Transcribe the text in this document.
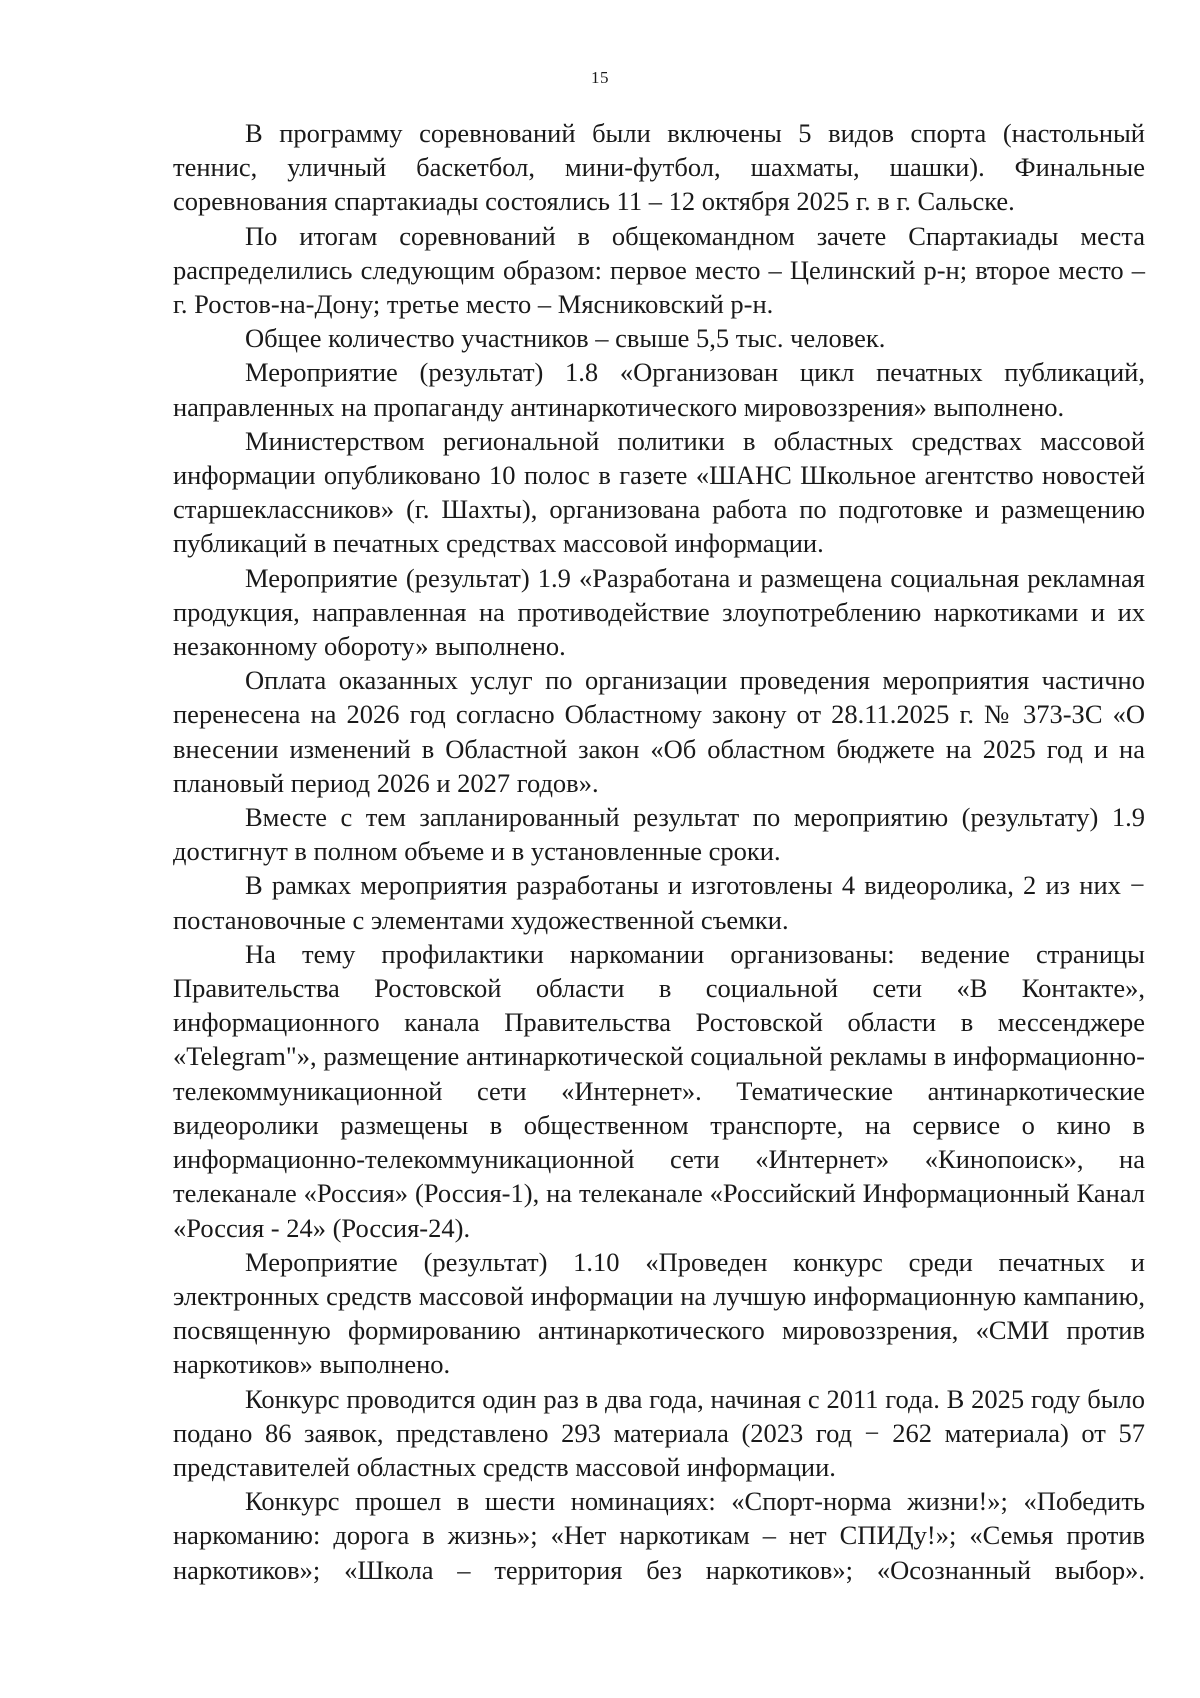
15

В программу соревнований были включены 5 видов спорта (настольный теннис, уличный баскетбол, мини-футбол, шахматы, шашки). Финальные соревнования спартакиады состоялись 11 – 12 октября 2025 г. в г. Сальске.

По итогам соревнований в общекомандном зачете Спартакиады места распределились следующим образом: первое место – Целинский р-н; второе место – г. Ростов-на-Дону; третье место – Мясниковский р-н.

Общее количество участников – свыше 5,5 тыс. человек.

Мероприятие (результат) 1.8 «Организован цикл печатных публикаций, направленных на пропаганду антинаркотического мировоззрения» выполнено.

Министерством региональной политики в областных средствах массовой информации опубликовано 10 полос в газете «ШАНС Школьное агентство новостей старшеклассников» (г. Шахты), организована работа по подготовке и размещению публикаций в печатных средствах массовой информации.

Мероприятие (результат) 1.9 «Разработана и размещена социальная рекламная продукция, направленная на противодействие злоупотреблению наркотиками и их незаконному обороту» выполнено.

Оплата оказанных услуг по организации проведения мероприятия частично перенесена на 2026 год согласно Областному закону от 28.11.2025 г. № 373-ЗС «О внесении изменений в Областной закон «Об областном бюджете на 2025 год и на плановый период 2026 и 2027 годов».

Вместе с тем запланированный результат по мероприятию (результату) 1.9 достигнут в полном объеме и в установленные сроки.

В рамках мероприятия разработаны и изготовлены 4 видеоролика, 2 из них − постановочные с элементами художественной съемки.

На тему профилактики наркомании организованы: ведение страницы Правительства Ростовской области в социальной сети «В Контакте», информационного канала Правительства Ростовской области в мессенджере «Telegram"», размещение антинаркотической социальной рекламы в информационно-телекоммуникационной сети «Интернет». Тематические антинаркотические видеоролики размещены в общественном транспорте, на сервисе о кино в информационно-телекоммуникационной сети «Интернет» «Кинопоиск», на телеканале «Россия» (Россия-1), на телеканале «Российский Информационный Канал «Россия - 24» (Россия-24).

Мероприятие (результат) 1.10 «Проведен конкурс среди печатных и электронных средств массовой информации на лучшую информационную кампанию, посвященную формированию антинаркотического мировоззрения, «СМИ против наркотиков» выполнено.

Конкурс проводится один раз в два года, начиная с 2011 года. В 2025 году было подано 86 заявок, представлено 293 материала (2023 год − 262 материала) от 57 представителей областных средств массовой информации.

Конкурс прошел в шести номинациях: «Спорт-норма жизни!»; «Победить наркоманию: дорога в жизнь»; «Нет наркотикам – нет СПИДу!»; «Семья против наркотиков»; «Школа – территория без наркотиков»; «Осознанный выбор».
